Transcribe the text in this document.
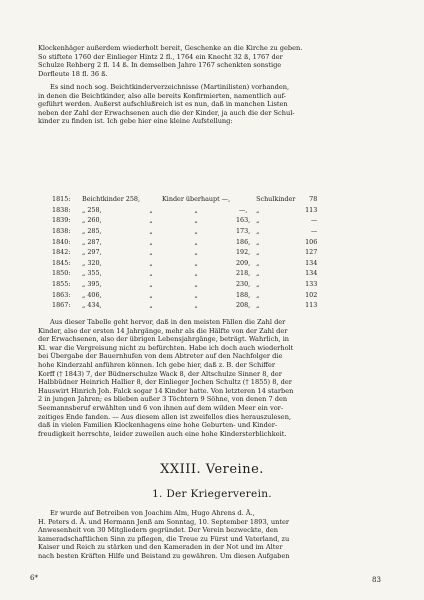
Klockenhäger außerdem wiederholt bereit, Geschenke an die Kirche zu geben.
So stiftete 1760 der Einlieger Hintz 2 fl., 1764 ein Knecht 32 ß, 1767 der
Schulze Rehberg 2 fl. 14 ß. In demselben Jahre 1767 schenkten sonstige
Dorfleute 18 fl. 36 ß.
Es sind noch sog. Beichtkinderverzeichnisse (Martinilisten) vorhanden,
in denen die Beichtkinder, also alle bereits Konfirmierten, namentlich auf-
geführt werden. Außerst aufschlußreich ist es nun, daß in manchen Listen
neben der Zahl der Erwachsenen auch die der Kinder, ja auch die der Schul-
kinder zu finden ist. Ich gebe hier eine kleine Aufstellung:
1815:	Beichtkinder 258,		Kinder überhaupt —,		Schulkinder	78
1838:	„ 258,	„	„	—,	„	113
1839:	„ 260,	„	„	163,	„	—
1838:	„ 285,	„	„	173,	„	—
1840:	„ 287,	„	„	186,	„	106
1842:	„ 297,	„	„	192,	„	127
1845:	„ 320,	„	„	209,	„	134
1850:	„ 355,	„	„	218,	„	134
1855:	„ 395,	„	„	230,	„	133
1863:	„ 406,	„	„	188,	„	102
1867:	„ 434,	„	„	208,	„	113
Aus dieser Tabelle geht hervor, daß in den meisten Fällen die Zahl der
Kinder, also der ersten 14 Jahrgänge, mehr als die Hälfte von der Zahl der
der Erwachsenen, also der übrigen Lebensjahrgänge, beträgt. Wahrlich, in
Kl. war die Vergreisung nicht zu befürchten. Habe ich doch auch wiederholt
bei Übergabe der Bauernhufen von dem Abtreter auf den Nachfolger die
hohe Kinderzahl anführen können. Ich gebe hier, daß z. B. der Schiffer
Korff († 1843) 7, der Büdnerschulze Wack 8, der Altschulze Sinner 8, der
Halbbüdner Heinrich Hallier 8, der Einlieger Jochen Schultz († 1855) 8, der
Hauswirt Hinrich Joh. Falck sogar 14 Kinder hatte. Von letzteren 14 starben
2 in jungen Jahren; es blieben außer 3 Töchtern 9 Söhne, von denen 7 den
Seemannsberuf erwählten und 6 von ihnen auf dem wilden Meer ein vor-
zeitiges Ende fanden. — Aus diesem allen ist zweifellos dies herauszulesen,
daß in vielen Familien Klockenhagens eine hohe Geburten- und Kinder-
freudigkeit herrschte, leider zuweilen auch eine hohe Kindersterblichkeit.
XXIII. Vereine.
1. Der Kriegerverein.
Er wurde auf Betreiben von Joachim Alm, Hugo Ahrens d. Ä.,
H. Peters d. Ä. und Hermann Jenß am Sonntag, 10. September 1893, unter
Anwesenheit von 30 Mitgliedern gegründet. Der Verein bezweckte, den
kameradschaftlichen Sinn zu pflegen, die Treue zu Fürst und Vaterland, zu
Kaiser und Reich zu stärken und den Kameraden in der Not und im Alter
nach besten Kräften Hilfe und Beistand zu gewähren. Um diesen Aufgaben
6*	83
